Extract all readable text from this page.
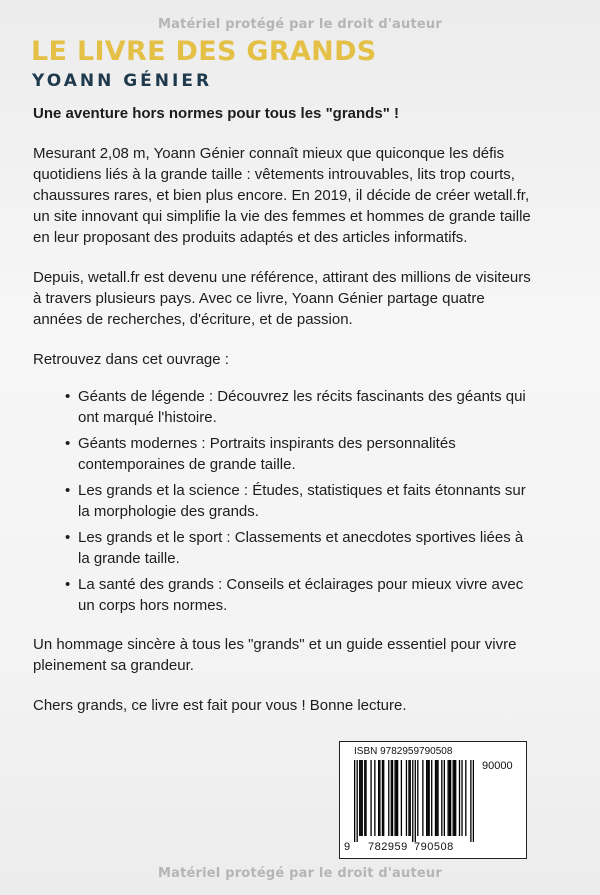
Matériel protégé par le droit d'auteur
LE LIVRE DES GRANDS
YOANN GÉNIER

Une aventure hors normes pour tous les "grands" !

Mesurant 2,08 m, Yoann Génier connaît mieux que quiconque les défis quotidiens liés à la grande taille : vêtements introuvables, lits trop courts, chaussures rares, et bien plus encore. En 2019, il décide de créer wetall.fr, un site innovant qui simplifie la vie des femmes et hommes de grande taille en leur proposant des produits adaptés et des articles informatifs.

Depuis, wetall.fr est devenu une référence, attirant des millions de visiteurs à travers plusieurs pays. Avec ce livre, Yoann Génier partage quatre années de recherches, d'écriture, et de passion.

Retrouvez dans cet ouvrage :

• Géants de légende : Découvrez les récits fascinants des géants qui ont marqué l'histoire.
• Géants modernes : Portraits inspirants des personnalités contemporaines de grande taille.
• Les grands et la science : Études, statistiques et faits étonnants sur la morphologie des grands.
• Les grands et le sport : Classements et anecdotes sportives liées à la grande taille.
• La santé des grands : Conseils et éclairages pour mieux vivre avec un corps hors normes.

Un hommage sincère à tous les "grands" et un guide essentiel pour vivre pleinement sa grandeur.

Chers grands, ce livre est fait pour vous ! Bonne lecture.

ISBN 9782959790508
90000
9 782959 790508
Matériel protégé par le droit d'auteur
